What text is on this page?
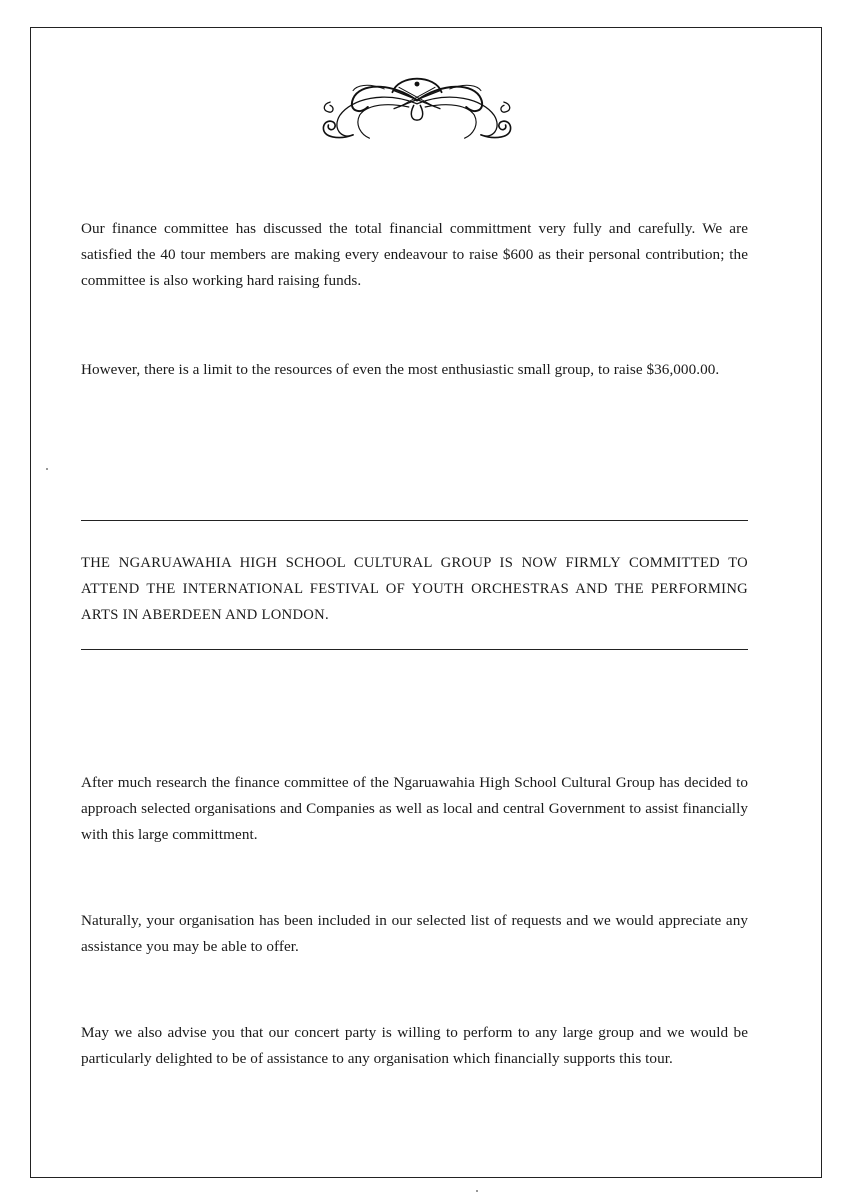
Our finance committee has discussed the total financial committment very fully and carefully. We are satisfied the 40 tour members are making every endeavour to raise $600 as their personal contribution; the committee is also working hard raising funds.

However, there is a limit to the resources of even the most enthusiastic small group, to raise $36,000.00.

THE NGARUAWAHIA HIGH SCHOOL CULTURAL GROUP IS NOW FIRMLY COMMITTED TO ATTEND THE INTERNATIONAL FESTIVAL OF YOUTH ORCHESTRAS AND THE PERFORMING ARTS IN ABERDEEN AND LONDON.

After much research the finance committee of the Ngaruawahia High School Cultural Group has decided to approach selected organisations and Companies as well as local and central Government to assist financially with this large committment.

Naturally, your organisation has been included in our selected list of requests and we would appreciate any assistance you may be able to offer.

May we also advise you that our concert party is willing to perform to any large group and we would be particularly delighted to be of assistance to any organisation which financially supports this tour.
